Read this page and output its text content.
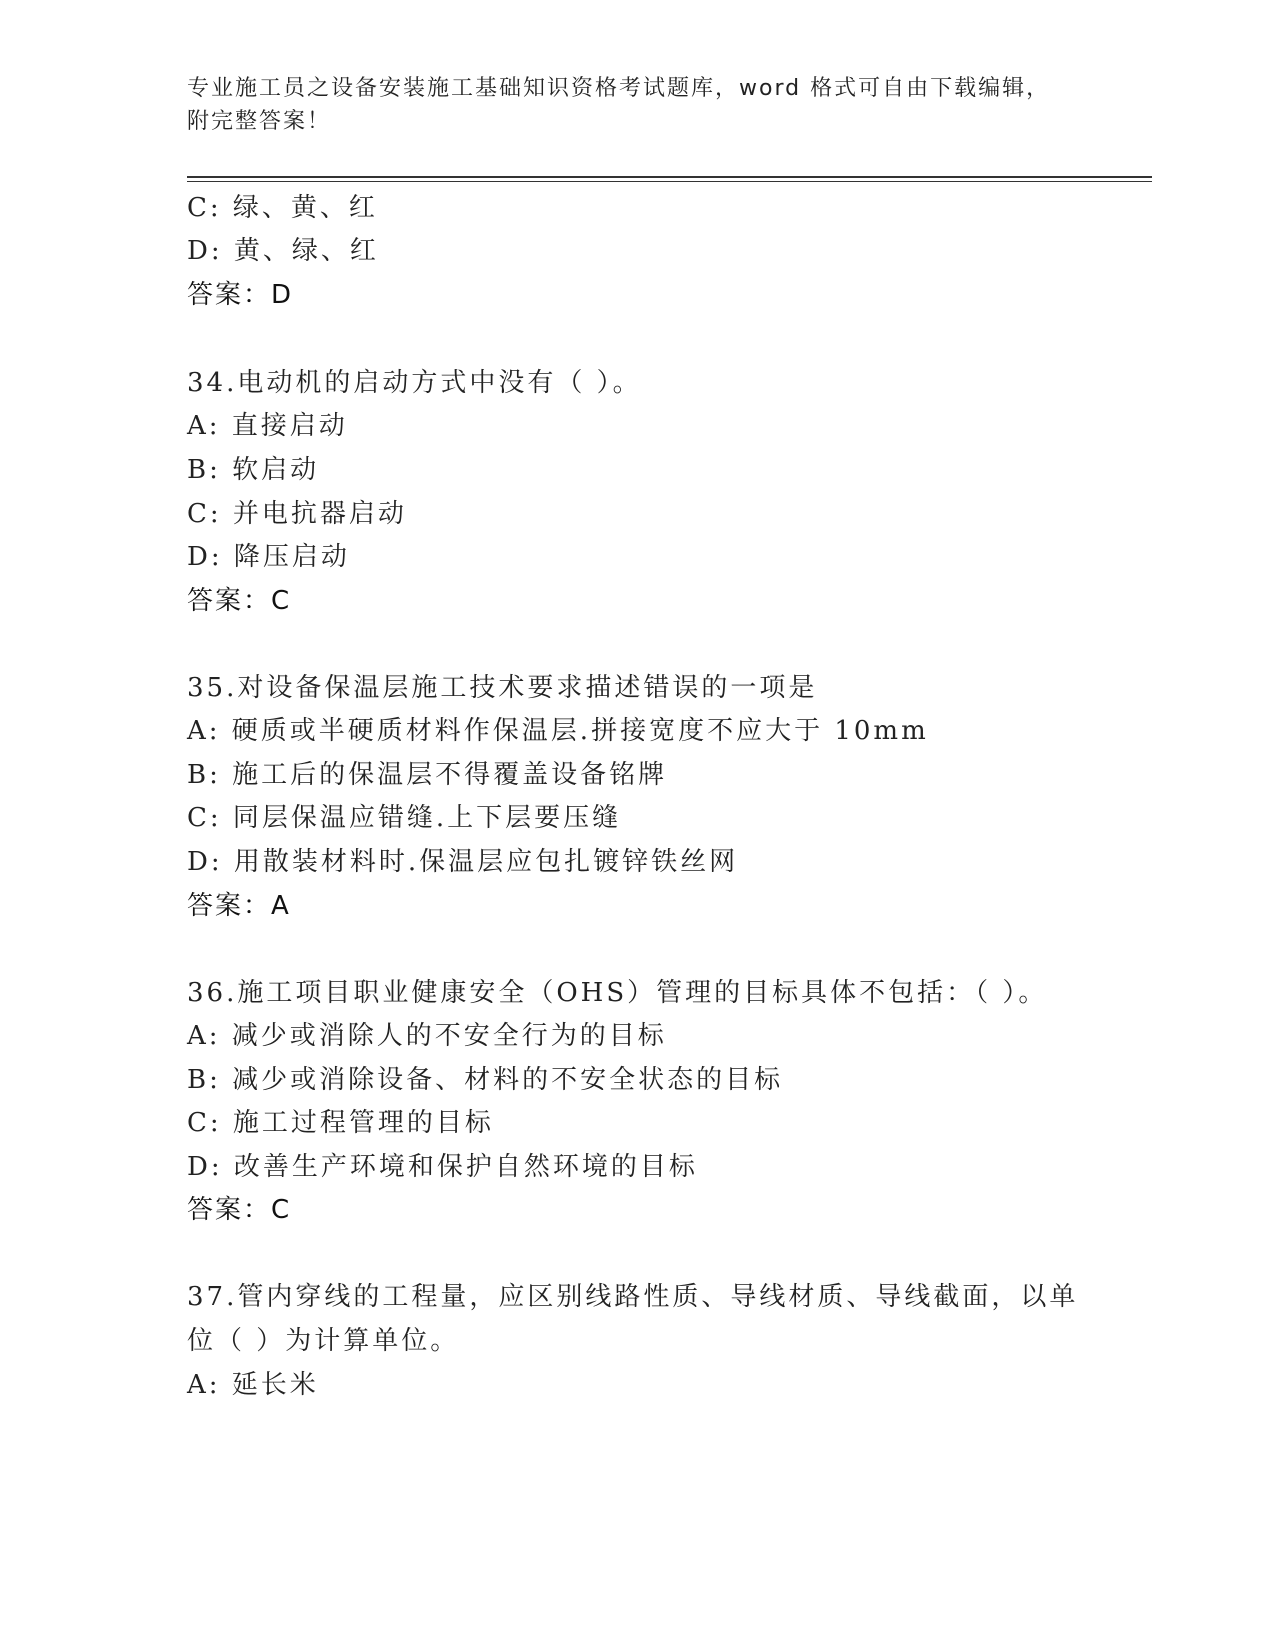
专业施工员之设备安装施工基础知识资格考试题库，word 格式可自由下载编辑，
附完整答案！
C: 绿、黄、红
D: 黄、绿、红
答案：D
34.电动机的启动方式中没有（ ）。
A: 直接启动
B: 软启动
C: 并电抗器启动
D: 降压启动
答案：C
35.对设备保温层施工技术要求描述错误的一项是
A: 硬质或半硬质材料作保温层.拼接宽度不应大于 10mm
B: 施工后的保温层不得覆盖设备铭牌
C: 同层保温应错缝.上下层要压缝
D: 用散装材料时.保温层应包扎镀锌铁丝网
答案：A
36.施工项目职业健康安全（OHS）管理的目标具体不包括：（ ）。
A: 减少或消除人的不安全行为的目标
B: 减少或消除设备、材料的不安全状态的目标
C: 施工过程管理的目标
D: 改善生产环境和保护自然环境的目标
答案：C
37.管内穿线的工程量，应区别线路性质、导线材质、导线截面，以单
位（ ）为计算单位。
A: 延长米
